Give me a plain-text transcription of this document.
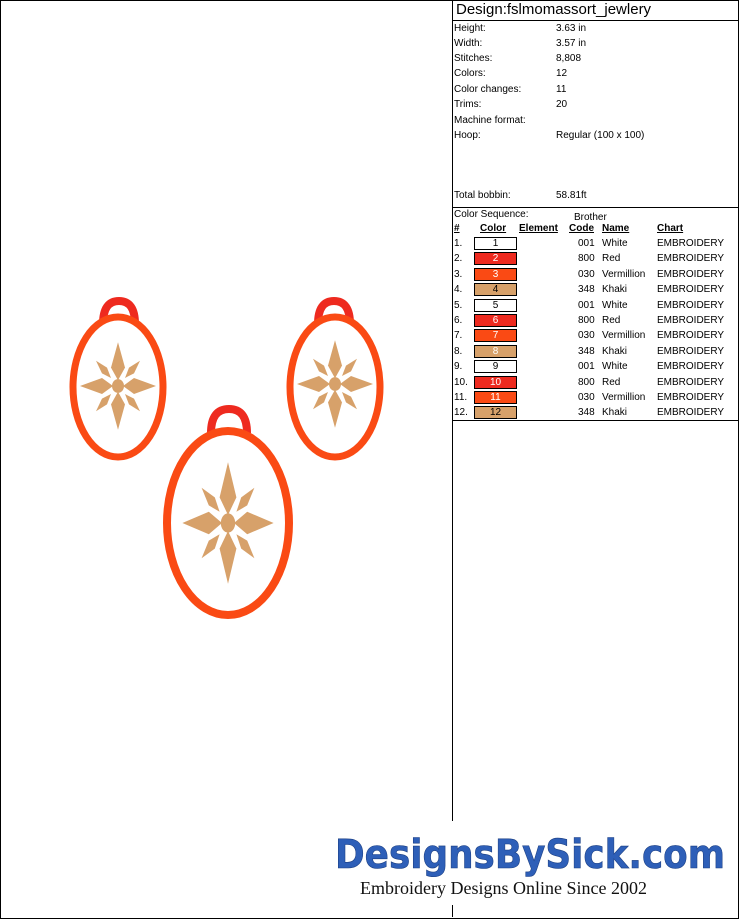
Design:fslmomassort_jewlery
Height:	3.63 in
Width:	3.57 in
Stitches:	8,808
Colors:	12
Color changes:	11
Trims:	20
Machine format:
Hoop:	Regular (100 x 100)
Total bobbin:	58.81ft
Color Sequence:	Brother
# Color Element Code Name	Chart
1.	1	001 White	EMBROIDERY
2.	2	800 Red	EMBROIDERY
3.	3	030 Vermillion EMBROIDERY
4.	4	348 Khaki	EMBROIDERY
5.	5	001 White	EMBROIDERY
6.	6	800 Red	EMBROIDERY
7.	7	030 Vermillion EMBROIDERY
8.	8	348 Khaki	EMBROIDERY
9.	9	001 White	EMBROIDERY
10.	10	800 Red	EMBROIDERY
11.	11	030 Vermillion EMBROIDERY
12.	12	348 Khaki	EMBROIDERY
DesignsBySick.com
Embroidery Designs Online Since 2002
